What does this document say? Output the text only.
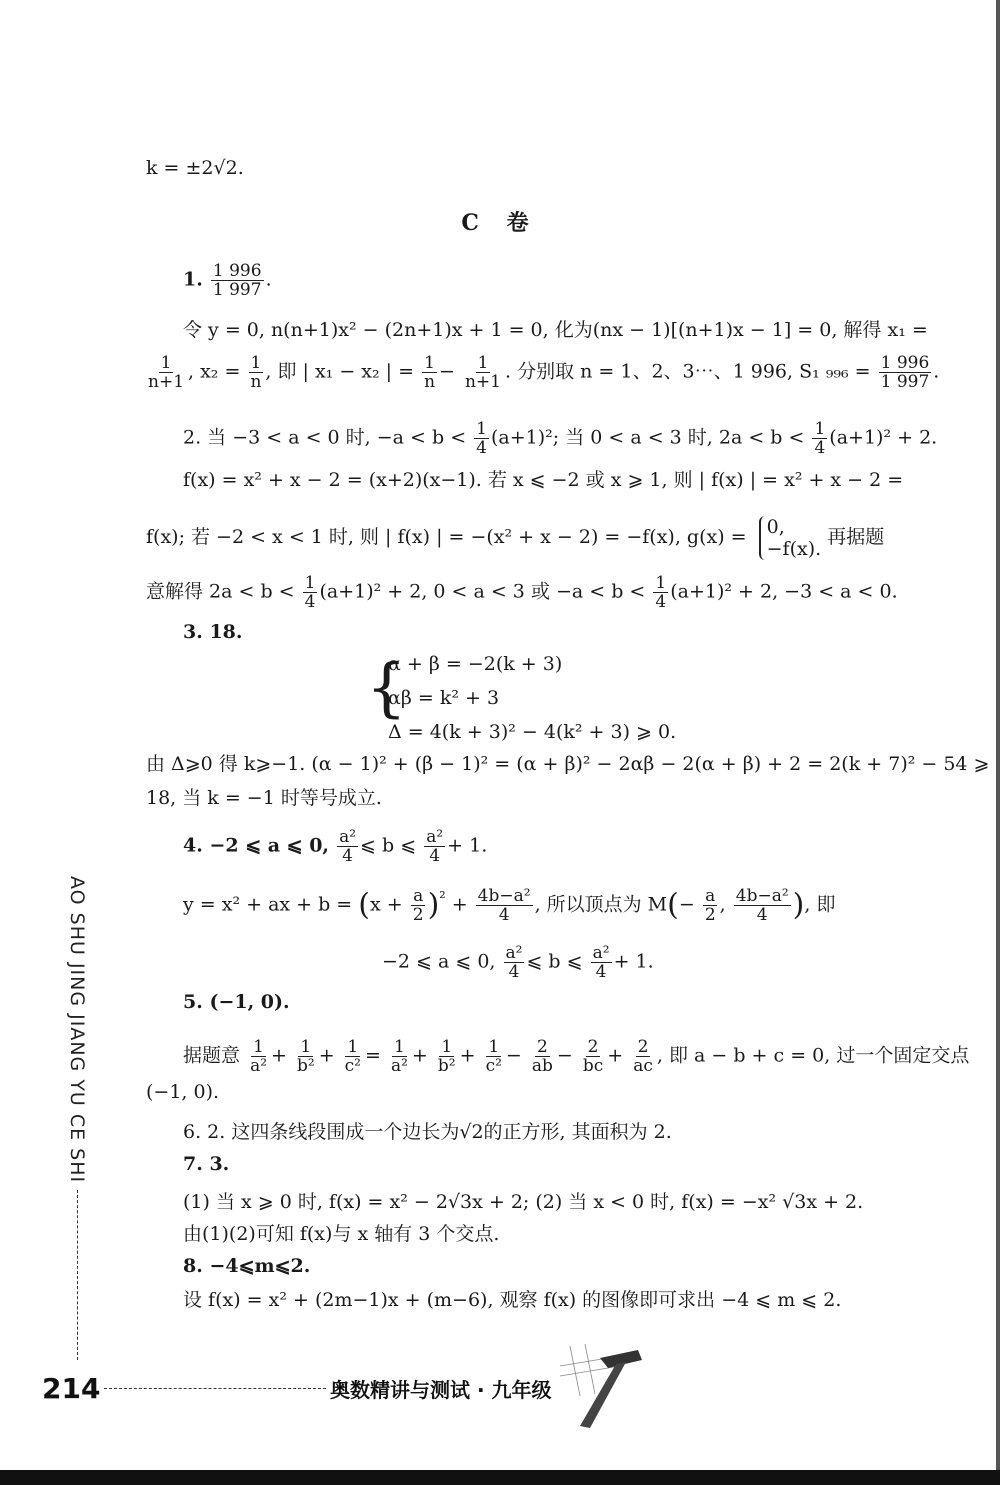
k = ±2√2.
C 卷
1. $\frac{1 996}{1 997}$ .
令 y = 0, n(n+1)x² − (2n+1)x + 1 = 0, 化为(nx − 1)[(n+1)x − 1] = 0, 解得 x₁ =
$\frac{1}{n+1}$ , $x_2 = \frac{1}{n}$ , 即 | x₁ − x₂ | = $\frac{1}{n} - \frac{1}{n+1}$ . 分别取 n = 1、2、3⋯、1 996, S₁ $_{996} = \frac{1 996}{1 997}$ .
2. 当 −3 < a < 0 时, $-a < b < \frac{1}{4} (a+1)^2$; 当 0 < a < 3 时, $2a < b < \frac{1}{4} (a+1)^2 + 2$.
f(x) = x² + x − 2 = (x+2)(x−1). 若 x ⩽ −2 或 x ⩾ 1, 则 | f(x) | = x² + x − 2 =
f(x); 若 −2 < x < 1 时, 则 | f(x) | = −(x² + x − 2) = −f(x), g(x) = 0,
−f(x).
再据题
意解得 $2a < b < \frac{1}{4} (a+1)^2 + 2$, 0 < a < 3 或 $-a < b < \frac{1}{4} (a+1)^2 + 2$, −3 < a < 0.
3. 18.
{
α + β = −2(k + 3)
αβ = k² + 3
Δ = 4(k + 3)² − 4(k² + 3) ⩾ 0.
由 Δ⩾0 得 k⩾−1. (α − 1)² + (β − 1)² = (α + β)² − 2αβ − 2(α + β) + 2 = 2(k + 7)² − 54 ⩾
18, 当 k = −1 时等号成立.
4. −2 ⩽ a ⩽ 0, $\frac{\text{a²}}{4}$ ⩽ b ⩽ $\frac{\text{a²}}{4} + 1$.
y = x² + ax + $b = (x + \frac{a}{2} )^{^2} + \frac{\text{4b−a²}}{4}$ , 所以顶点为 $M(- \frac{a}{2}$ , $\frac{\text{4b−a²}}{4}$ ), 即
−2 ⩽ a ⩽ 0, $\frac{\text{a²}}{4}$ ⩽ b ⩽ $\frac{\text{a²}}{4} + 1$.
5. (−1, 0).
据题意 $\frac{1}{\text{a²}} + \frac{1}{\text{b²}} + \frac{1}{\text{c²}} = \frac{1}{\text{a²}} + \frac{1}{\text{b²}} + \frac{1}{\text{c²}} - \frac{2}{ab} - \frac{2}{bc} + \frac{2}{ac}$ , 即 a − b + c = 0, 过一个固定交点
(−1, 0).
6. 2. 这四条线段围成一个边长为√2的正方形, 其面积为 2.
7. 3.
(1) 当 x ⩾ 0 时, f(x) = x² − 2√3x + 2; (2) 当 x < 0 时, f(x) = −x² √3x + 2.
由(1)(2)可知 f(x)与 x 轴有 3 个交点.
8. −4⩽m⩽2.
设 f(x) = x² + (2m−1)x + (m−6), 观察 f(x) 的图像即可求出 −4 ⩽ m ⩽ 2.
AO SHU JING JIANG YU CE SHI
214	奥数精讲与测试 · 九年级
